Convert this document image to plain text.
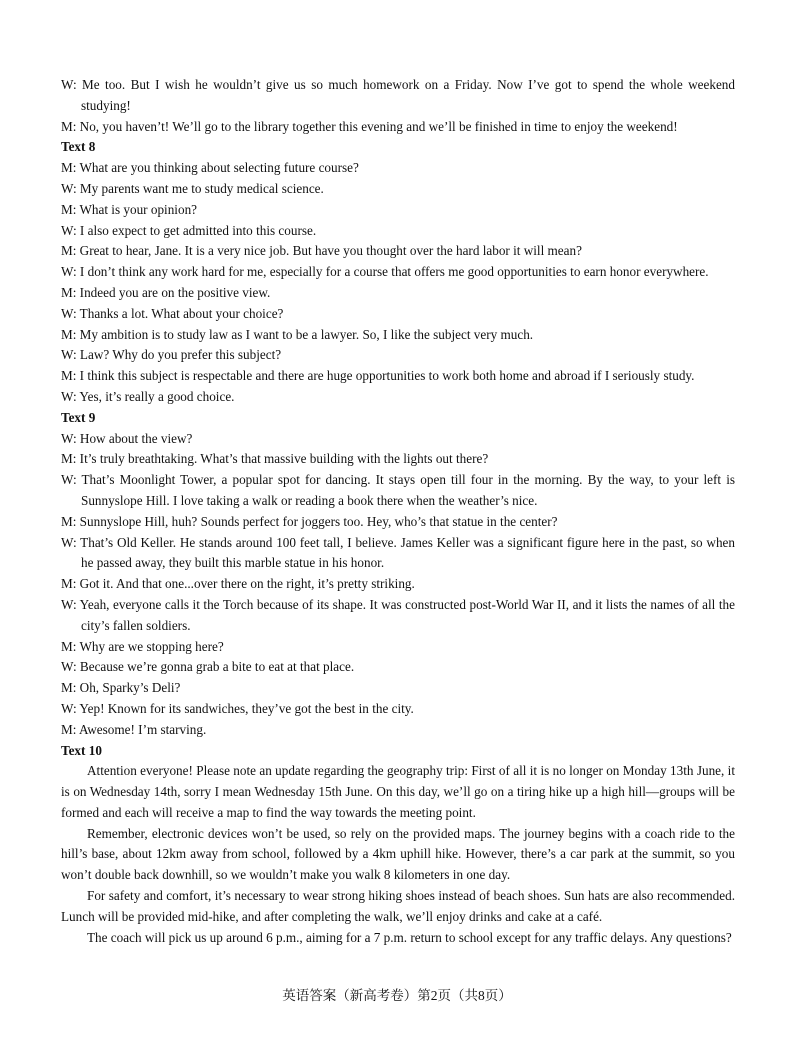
W: Me too. But I wish he wouldn’t give us so much homework on a Friday. Now I’ve got to spend the whole weekend studying!

M: No, you haven’t! We’ll go to the library together this evening and we’ll be finished in time to enjoy the weekend!

Text 8

M: What are you thinking about selecting future course?

W: My parents want me to study medical science.

M: What is your opinion?

W: I also expect to get admitted into this course.

M: Great to hear, Jane. It is a very nice job. But have you thought over the hard labor it will mean?

W: I don’t think any work hard for me, especially for a course that offers me good opportunities to earn honor everywhere.

M: Indeed you are on the positive view.

W: Thanks a lot. What about your choice?

M: My ambition is to study law as I want to be a lawyer. So, I like the subject very much.

W: Law? Why do you prefer this subject?

M: I think this subject is respectable and there are huge opportunities to work both home and abroad if I seriously study.

W: Yes, it’s really a good choice.

Text 9

W: How about the view?

M: It’s truly breathtaking. What’s that massive building with the lights out there?

W: That’s Moonlight Tower, a popular spot for dancing. It stays open till four in the morning. By the way, to your left is Sunnyslope Hill. I love taking a walk or reading a book there when the weather’s nice.

M: Sunnyslope Hill, huh? Sounds perfect for joggers too. Hey, who’s that statue in the center?

W: That’s Old Keller. He stands around 100 feet tall, I believe. James Keller was a significant figure here in the past, so when he passed away, they built this marble statue in his honor.

M: Got it. And that one...over there on the right, it’s pretty striking.

W: Yeah, everyone calls it the Torch because of its shape. It was constructed post-World War II, and it lists the names of all the city’s fallen soldiers.

M: Why are we stopping here?

W: Because we’re gonna grab a bite to eat at that place.

M: Oh, Sparky’s Deli?

W: Yep! Known for its sandwiches, they’ve got the best in the city.

M: Awesome! I’m starving.

Text 10

Attention everyone! Please note an update regarding the geography trip: First of all it is no longer on Monday 13th June, it is on Wednesday 14th, sorry I mean Wednesday 15th June. On this day, we’ll go on a tiring hike up a high hill—groups will be formed and each will receive a map to find the way towards the meeting point.

Remember, electronic devices won’t be used, so rely on the provided maps. The journey begins with a coach ride to the hill’s base, about 12km away from school, followed by a 4km uphill hike. However, there’s a car park at the summit, so you won’t double back downhill, so we wouldn’t make you walk 8 kilometers in one day.

For safety and comfort, it’s necessary to wear strong hiking shoes instead of beach shoes. Sun hats are also recommended. Lunch will be provided mid-hike, and after completing the walk, we’ll enjoy drinks and cake at a café.

The coach will pick us up around 6 p.m., aiming for a 7 p.m. return to school except for any traffic delays. Any questions?

英语答案（新高考卷）第2页（共8页）
